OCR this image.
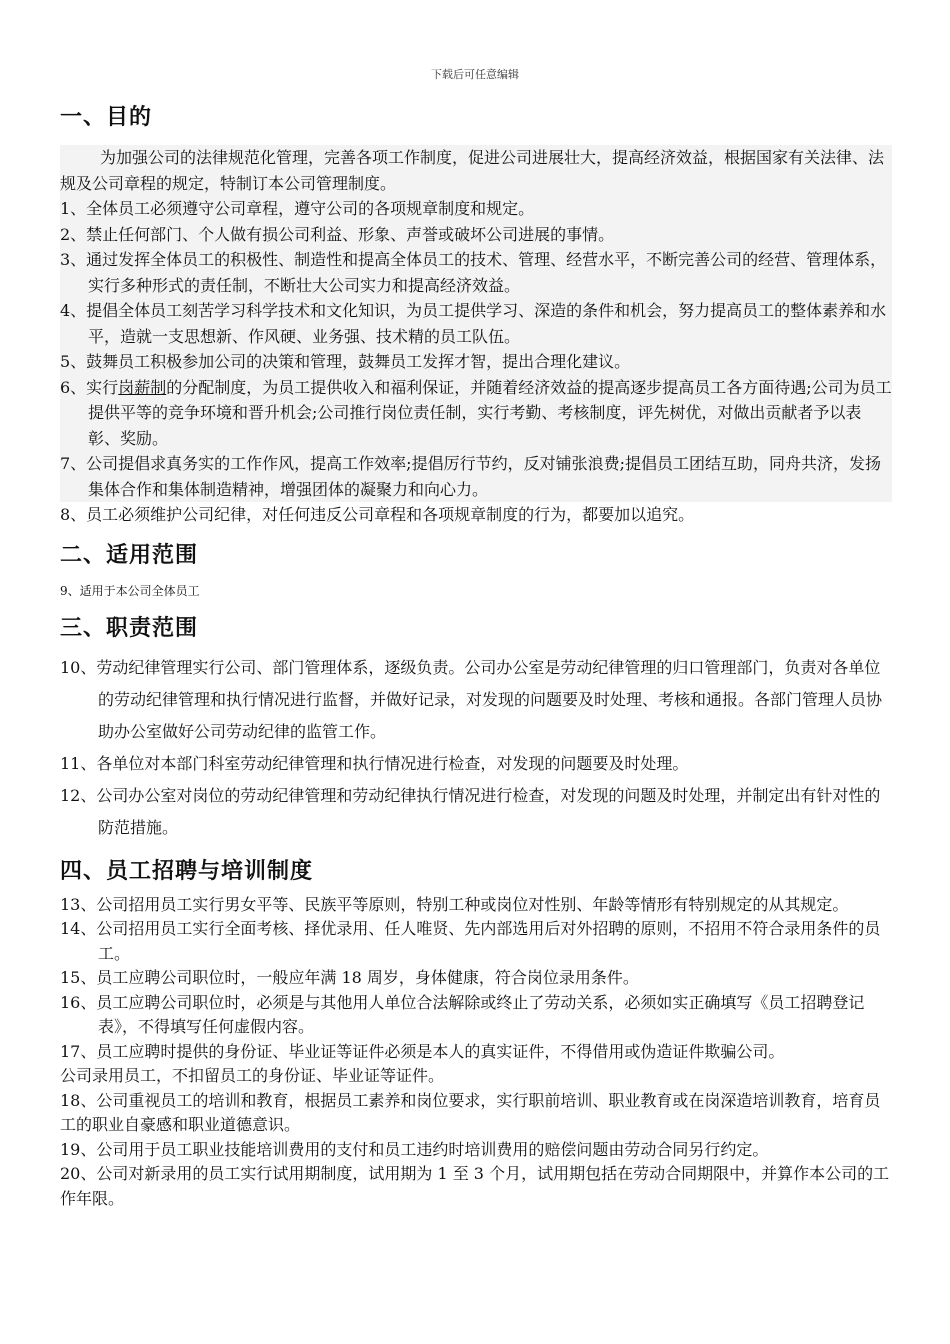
下载后可任意编辑
一、目的

为加强公司的法律规范化管理，完善各项工作制度，促进公司进展壮大，提高经济效益，根据国家有关法律、法规及公司章程的规定，特制订本公司管理制度。

1、全体员工必须遵守公司章程，遵守公司的各项规章制度和规定。

2、禁止任何部门、个人做有损公司利益、形象、声誉或破坏公司进展的事情。

3、通过发挥全体员工的积极性、制造性和提高全体员工的技术、管理、经营水平，不断完善公司的经营、管理体系，实行多种形式的责任制，不断壮大公司实力和提高经济效益。

4、提倡全体员工刻苦学习科学技术和文化知识，为员工提供学习、深造的条件和机会，努力提高员工的整体素养和水平，造就一支思想新、作风硬、业务强、技术精的员工队伍。

5、鼓舞员工积极参加公司的决策和管理，鼓舞员工发挥才智，提出合理化建议。

6、实行岗薪制的分配制度，为员工提供收入和福利保证，并随着经济效益的提高逐步提高员工各方面待遇;公司为员工提供平等的竞争环境和晋升机会;公司推行岗位责任制，实行考勤、考核制度，评先树优，对做出贡献者予以表彰、奖励。

7、公司提倡求真务实的工作作风，提高工作效率;提倡厉行节约，反对铺张浪费;提倡员工团结互助，同舟共济，发扬集体合作和集体制造精神，增强团体的凝聚力和向心力。

8、员工必须维护公司纪律，对任何违反公司章程和各项规章制度的行为，都要加以追究。

二、适用范围

9、适用于本公司全体员工

三、职责范围

10、劳动纪律管理实行公司、部门管理体系，逐级负责。公司办公室是劳动纪律管理的归口管理部门，负责对各单位的劳动纪律管理和执行情况进行监督，并做好记录，对发现的问题要及时处理、考核和通报。各部门管理人员协助办公室做好公司劳动纪律的监管工作。

11、各单位对本部门科室劳动纪律管理和执行情况进行检查，对发现的问题要及时处理。

12、公司办公室对岗位的劳动纪律管理和劳动纪律执行情况进行检查，对发现的问题及时处理，并制定出有针对性的防范措施。

四、员工招聘与培训制度

13、公司招用员工实行男女平等、民族平等原则，特别工种或岗位对性别、年龄等情形有特别规定的从其规定。

14、公司招用员工实行全面考核、择优录用、任人唯贤、先内部选用后对外招聘的原则，不招用不符合录用条件的员工。

15、员工应聘公司职位时，一般应年满 18 周岁，身体健康，符合岗位录用条件。

16、员工应聘公司职位时，必须是与其他用人单位合法解除或终止了劳动关系，必须如实正确填写《员工招聘登记表》，不得填写任何虚假内容。

17、员工应聘时提供的身份证、毕业证等证件必须是本人的真实证件，不得借用或伪造证件欺骗公司。

公司录用员工，不扣留员工的身份证、毕业证等证件。

18、公司重视员工的培训和教育，根据员工素养和岗位要求，实行职前培训、职业教育或在岗深造培训教育，培育员工的职业自豪感和职业道德意识。

19、公司用于员工职业技能培训费用的支付和员工违约时培训费用的赔偿问题由劳动合同另行约定。

20、公司对新录用的员工实行试用期制度，试用期为 1 至 3 个月，试用期包括在劳动合同期限中，并算作本公司的工作年限。
